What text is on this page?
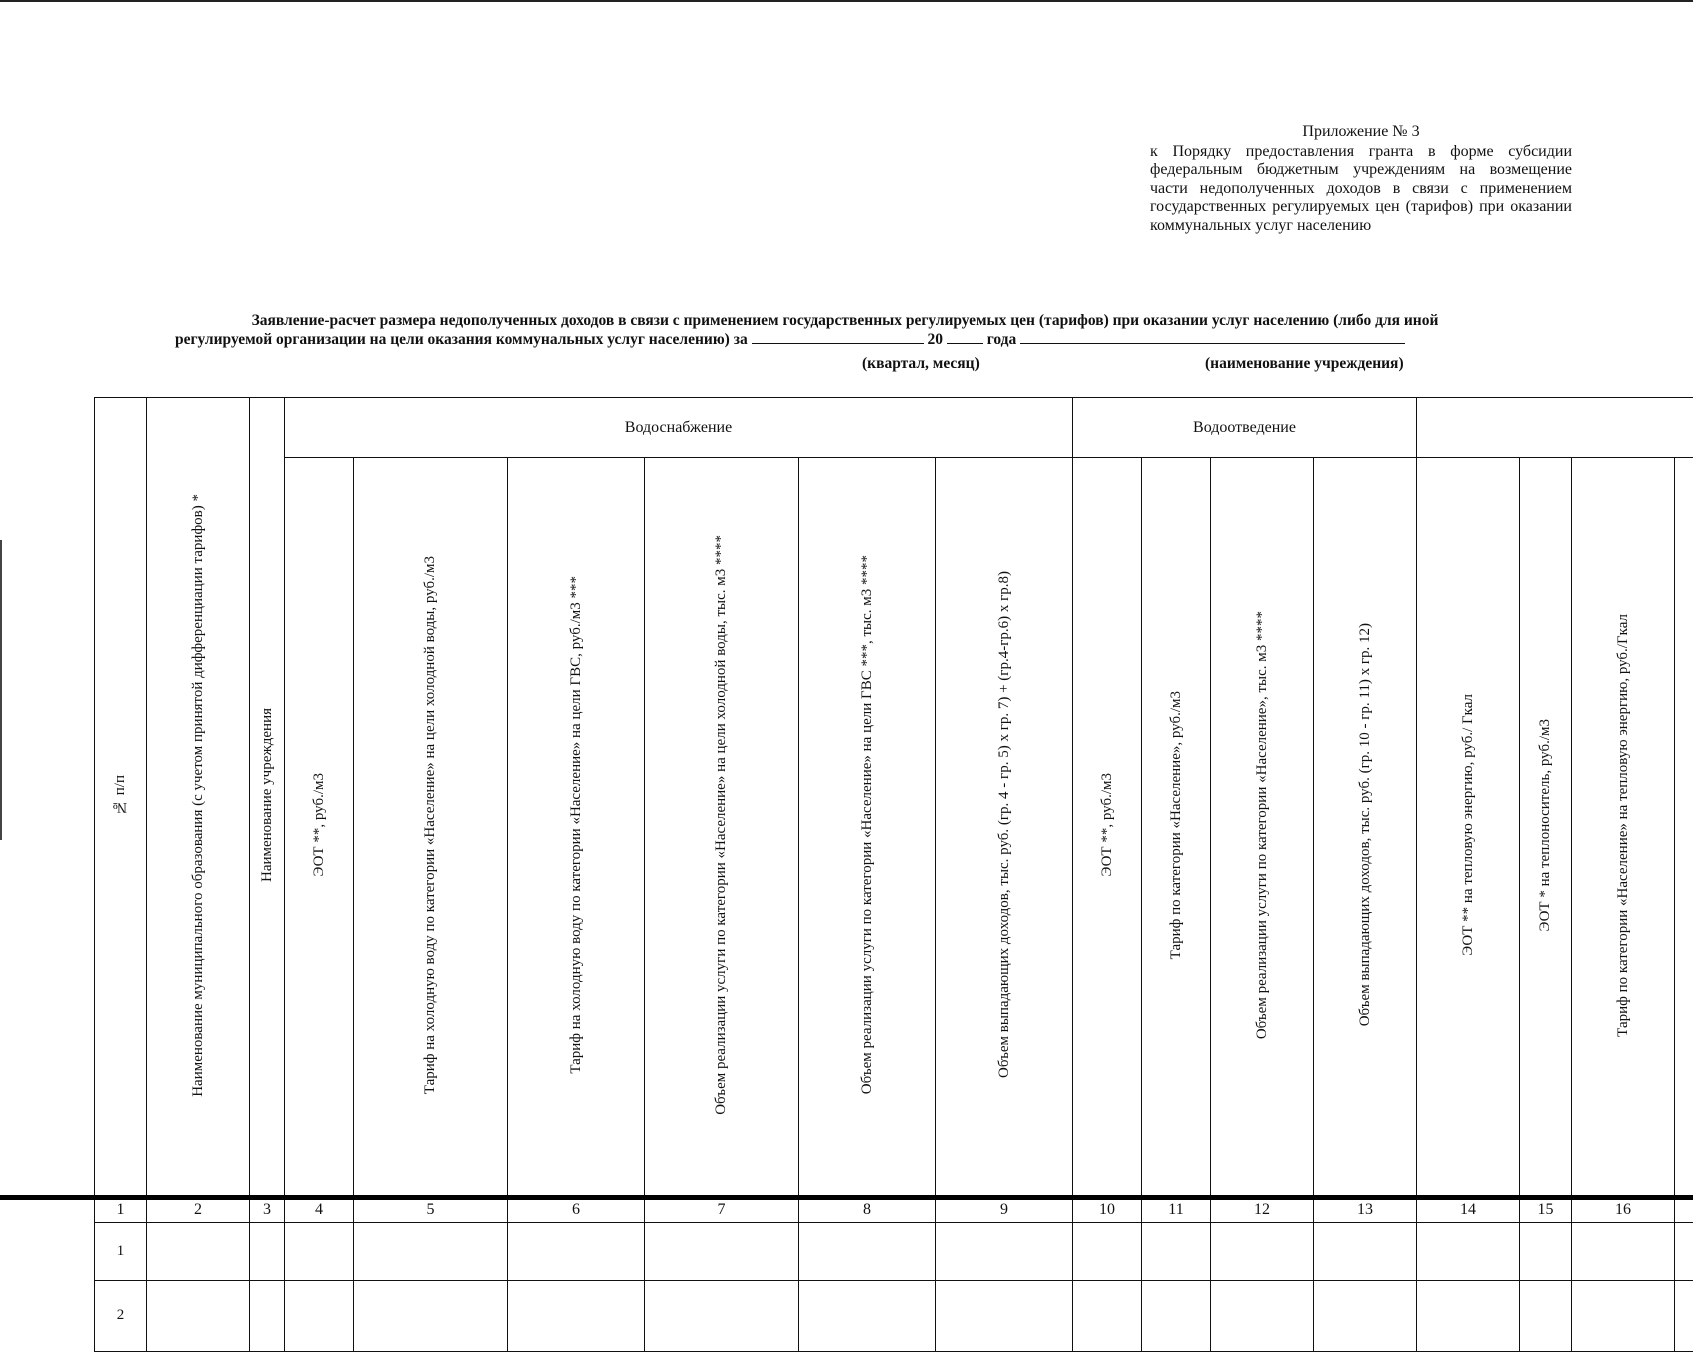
Приложение № 3
к Порядку предоставления гранта в форме субсидии федеральным бюджетным учреждениям на возмещение части недополученных доходов в связи с применением государственных регулируемых цен (тарифов) при оказании коммунальных услуг населению
Заявление-расчет размера недополученных доходов в связи с применением государственных регулируемых цен (тарифов) при оказании услуг населению (либо для иной
регулируемой организации на цели оказания коммунальных услуг населению) за	20	года
(квартал, месяц)	(наименование учреждения)
№ п/п	Наименование муниципального образования (с учетом принятой дифференциации тарифов) *	Наименование учреждения	Водоснабжение						Водоотведение		
			ЭОТ **, руб./м3	Тариф на холодную воду по категории «Население» на цели холодной воды, руб./м3	Тариф на холодную воду по категории «Население» на цели ГВС, руб./м3 ***	Объем реализации услуги по категории «Население» на цели холодной воды, тыс. м3 ****	Объем реализации услуги по категории «Население» на цели ГВС ***, тыс. м3 ****	Объем выпадающих доходов, тыс. руб. (гр. 4 - гр. 5) х гр. 7) + (гр.4-гр.6) х гр.8)	ЭОТ **, руб./м3	Тариф по категории «Население», руб./м3	Объем реализации услуги по категории «Население», тыс. м3 ****	Объем выпадающих доходов, тыс. руб. (гр. 10 - гр. 11) х гр. 12)	ЭОТ ** на тепловую энергию, руб./ Гкал	ЭОТ * на теплоноситель, руб./м3	Тариф по категории «Население» на тепловую энергию, руб./Гкал							
1	2	3	4	5	6	7	8	9	10	11	12	13	14	15	16							
1																						
2																						
